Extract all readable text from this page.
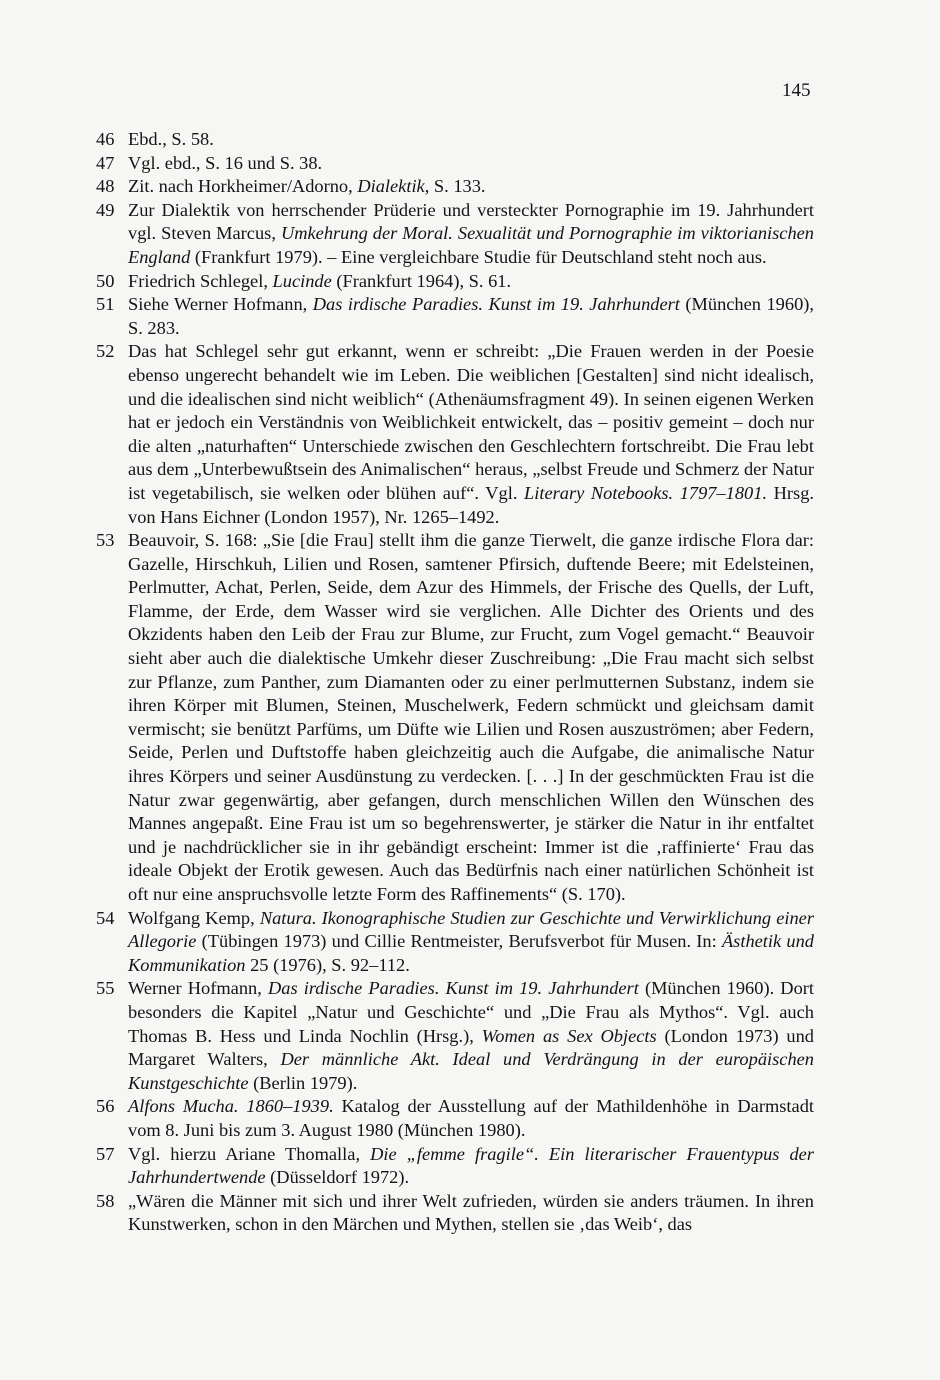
145
46 Ebd., S. 58.
47 Vgl. ebd., S. 16 und S. 38.
48 Zit. nach Horkheimer/Adorno, Dialektik, S. 133.
49 Zur Dialektik von herrschender Prüderie und versteckter Pornographie im 19. Jahrhundert vgl. Steven Marcus, Umkehrung der Moral. Sexualität und Pornographie im viktorianischen England (Frankfurt 1979). – Eine vergleichbare Studie für Deutschland steht noch aus.
50 Friedrich Schlegel, Lucinde (Frankfurt 1964), S. 61.
51 Siehe Werner Hofmann, Das irdische Paradies. Kunst im 19. Jahrhundert (München 1960), S. 283.
52 Das hat Schlegel sehr gut erkannt, wenn er schreibt: „Die Frauen werden in der Poesie ebenso ungerecht behandelt wie im Leben. Die weiblichen [Gestalten] sind nicht idealisch, und die idealischen sind nicht weiblich“ (Athenäumsfragment 49). In seinen eigenen Werken hat er jedoch ein Verständnis von Weiblichkeit entwickelt, das – positiv gemeint – doch nur die alten „naturhaften“ Unterschiede zwischen den Geschlechtern fortschreibt. Die Frau lebt aus dem „Unterbewußtsein des Animalischen“ heraus, „selbst Freude und Schmerz der Natur ist vegetabilisch, sie welken oder blühen auf“. Vgl. Literary Notebooks. 1797–1801. Hrsg. von Hans Eichner (London 1957), Nr. 1265–1492.
53 Beauvoir, S. 168: „Sie [die Frau] stellt ihm die ganze Tierwelt, die ganze irdische Flora dar: Gazelle, Hirschkuh, Lilien und Rosen, samtener Pfirsich, duftende Beere; mit Edelsteinen, Perlmutter, Achat, Perlen, Seide, dem Azur des Himmels, der Frische des Quells, der Luft, Flamme, der Erde, dem Wasser wird sie verglichen. Alle Dichter des Orients und des Okzidents haben den Leib der Frau zur Blume, zur Frucht, zum Vogel gemacht.“ Beauvoir sieht aber auch die dialektische Umkehr dieser Zuschreibung: „Die Frau macht sich selbst zur Pflanze, zum Panther, zum Diamanten oder zu einer perlmutternen Substanz, indem sie ihren Körper mit Blumen, Steinen, Muschelwerk, Federn schmückt und gleichsam damit vermischt; sie benützt Parfüms, um Düfte wie Lilien und Rosen auszuströmen; aber Federn, Seide, Perlen und Duftstoffe haben gleichzeitig auch die Aufgabe, die animalische Natur ihres Körpers und seiner Ausdünstung zu verdecken. [. . .] In der geschmückten Frau ist die Natur zwar gegenwärtig, aber gefangen, durch menschlichen Willen den Wünschen des Mannes angepaßt. Eine Frau ist um so begehrenswerter, je stärker die Natur in ihr entfaltet und je nachdrücklicher sie in ihr gebändigt erscheint: Immer ist die ‚raffinierte‘ Frau das ideale Objekt der Erotik gewesen. Auch das Bedürfnis nach einer natürlichen Schönheit ist oft nur eine anspruchsvolle letzte Form des Raffinements“ (S. 170).
54 Wolfgang Kemp, Natura. Ikonographische Studien zur Geschichte und Verwirklichung einer Allegorie (Tübingen 1973) und Cillie Rentmeister, Berufsverbot für Musen. In: Ästhetik und Kommunikation 25 (1976), S. 92–112.
55 Werner Hofmann, Das irdische Paradies. Kunst im 19. Jahrhundert (München 1960). Dort besonders die Kapitel „Natur und Geschichte“ und „Die Frau als Mythos“. Vgl. auch Thomas B. Hess und Linda Nochlin (Hrsg.), Women as Sex Objects (London 1973) und Margaret Walters, Der männliche Akt. Ideal und Verdrängung in der europäischen Kunstgeschichte (Berlin 1979).
56 Alfons Mucha. 1860–1939. Katalog der Ausstellung auf der Mathildenhöhe in Darmstadt vom 8. Juni bis zum 3. August 1980 (München 1980).
57 Vgl. hierzu Ariane Thomalla, Die „femme fragile“. Ein literarischer Frauentypus der Jahrhundertwende (Düsseldorf 1972).
58 „Wären die Männer mit sich und ihrer Welt zufrieden, würden sie anders träumen. In ihren Kunstwerken, schon in den Märchen und Mythen, stellen sie ‚das Weib‘, das
